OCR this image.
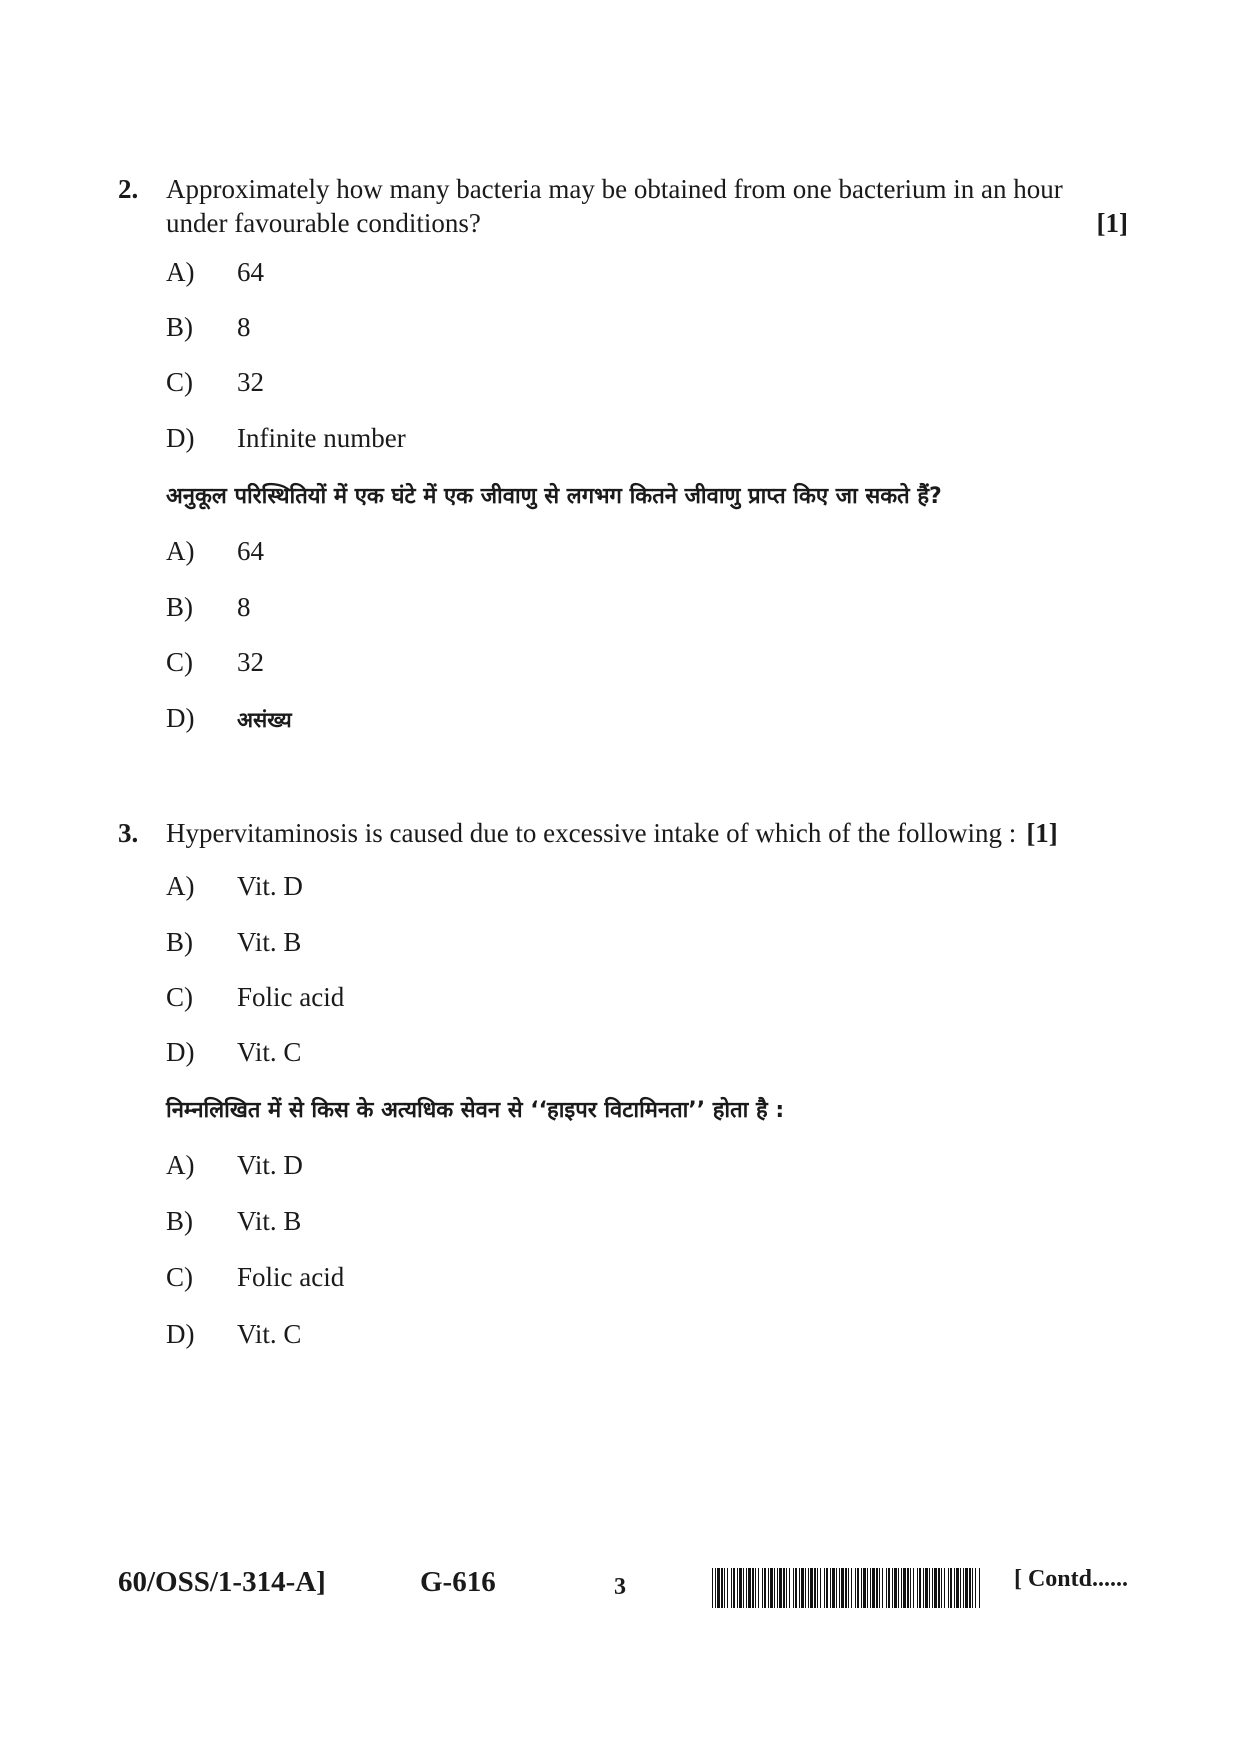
2. Approximately how many bacteria may be obtained from one bacterium in an hour
under favourable conditions?	[1]
A) 64
B) 8
C) 32
D) Infinite number
अनुकूल परिस्थितियों में एक घंटे में एक जीवाणु से लगभग कितने जीवाणु प्राप्त किए जा सकते हैं?
A) 64
B) 8
C) 32
D) असंख्य
3. Hypervitaminosis is caused due to excessive intake of which of the following : [1]
A) Vit. D
B) Vit. B
C) Folic acid
D) Vit. C
निम्नलिखित में से किस के अत्यधिक सेवन से ‘‘हाइपर विटामिनता’’ होता है :
A) Vit. D
B) Vit. B
C) Folic acid
D) Vit. C
60/OSS/1-314-A]	G-616	3	[ Contd......
